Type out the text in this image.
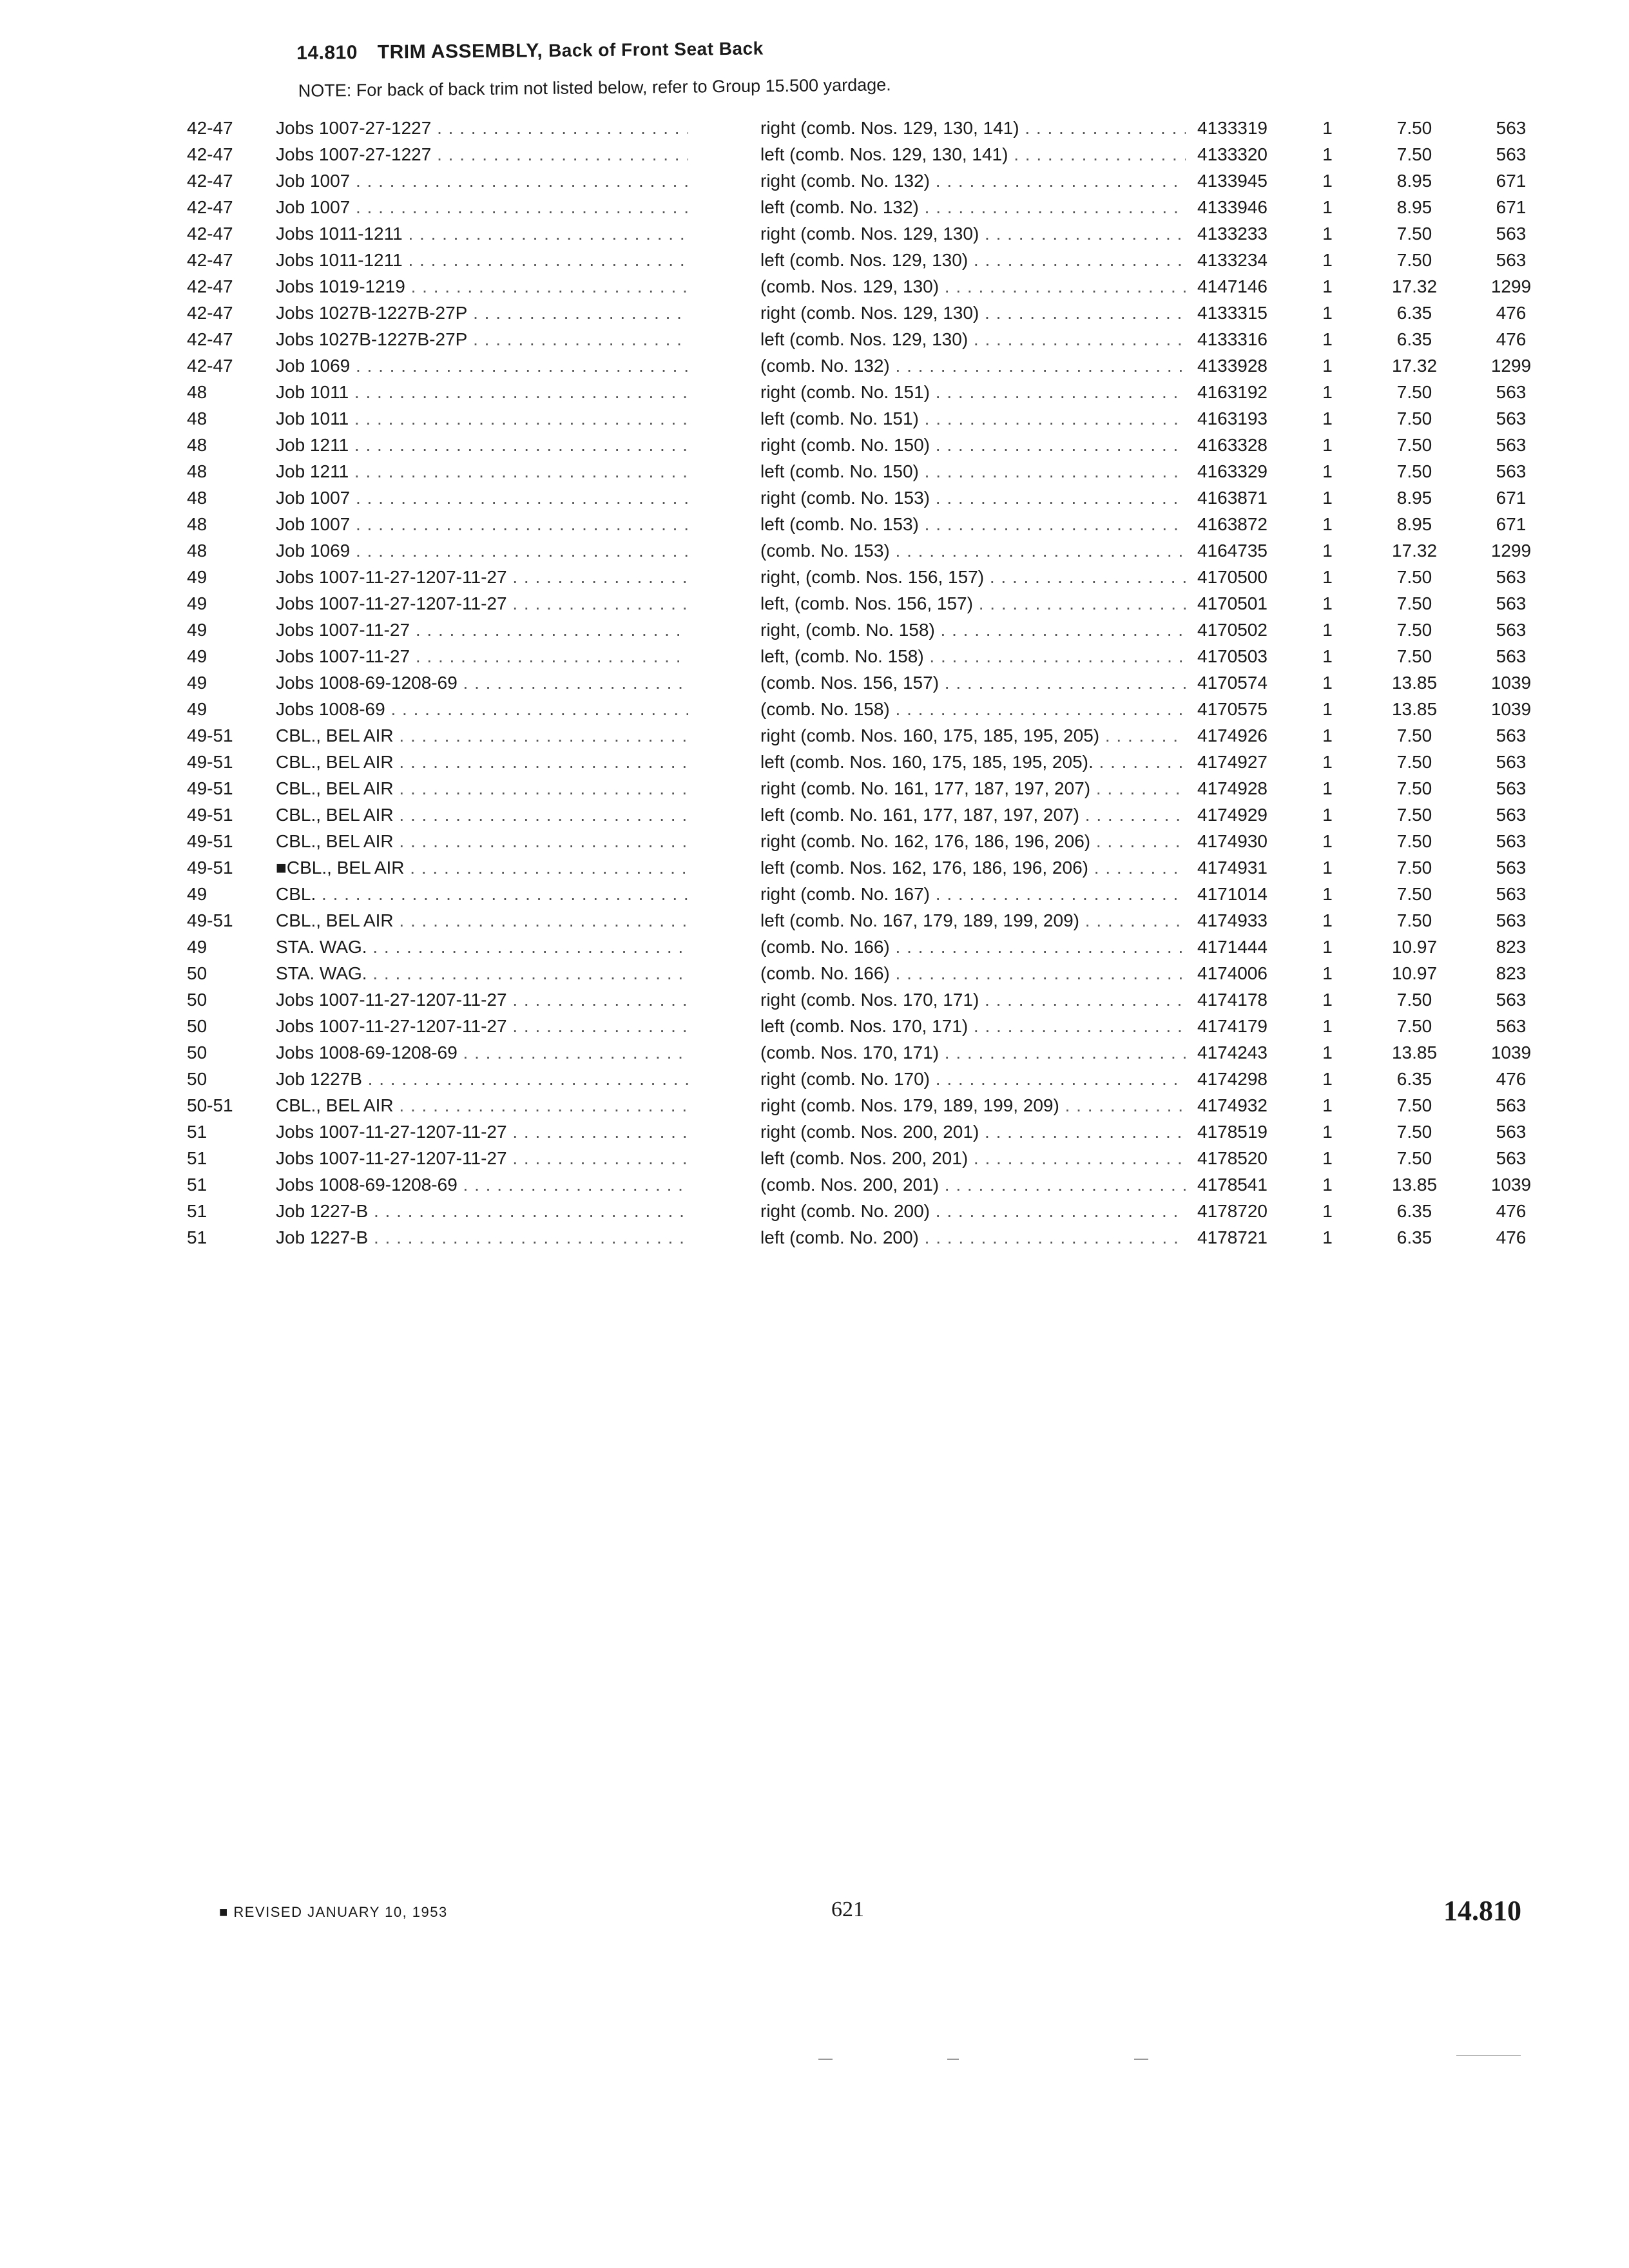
14.810 TRIM ASSEMBLY, Back of Front Seat Back
NOTE: For back of back trim not listed below, refer to Group 15.500 yardage.
42-47	Jobs 1007-27-1227 . . .	right (comb. Nos. 129, 130, 141) . . .	4133319	1	7.50	563
42-47	Jobs 1007-27-1227 . . .	left (comb. Nos. 129, 130, 141) . . .	4133320	1	7.50	563
42-47	Job 1007 . . .	right (comb. No. 132) . . .	4133945	1	8.95	671
42-47	Job 1007 . . .	left (comb. No. 132) . . .	4133946	1	8.95	671
42-47	Jobs 1011-1211 . . .	right (comb. Nos. 129, 130) . . .	4133233	1	7.50	563
42-47	Jobs 1011-1211 . . .	left (comb. Nos. 129, 130) . . .	4133234	1	7.50	563
42-47	Jobs 1019-1219 . . .	(comb. Nos. 129, 130) . . .	4147146	1	17.32	1299
42-47	Jobs 1027B-1227B-27P . . .	right (comb. Nos. 129, 130) . . .	4133315	1	6.35	476
42-47	Jobs 1027B-1227B-27P . . .	left (comb. Nos. 129, 130) . . .	4133316	1	6.35	476
42-47	Job 1069 . . .	(comb. No. 132) . . .	4133928	1	17.32	1299
48	Job 1011 . . .	right (comb. No. 151) . . .	4163192	1	7.50	563
48	Job 1011 . . .	left (comb. No. 151) . . .	4163193	1	7.50	563
48	Job 1211 . . .	right (comb. No. 150) . . .	4163328	1	7.50	563
48	Job 1211 . . .	left (comb. No. 150) . . .	4163329	1	7.50	563
48	Job 1007 . . .	right (comb. No. 153) . . .	4163871	1	8.95	671
48	Job 1007 . . .	left (comb. No. 153) . . .	4163872	1	8.95	671
48	Job 1069 . . .	(comb. No. 153) . . .	4164735	1	17.32	1299
49	Jobs 1007-11-27-1207-11-27 . . .	right, (comb. Nos. 156, 157) . . .	4170500	1	7.50	563
49	Jobs 1007-11-27-1207-11-27 . . .	left, (comb. Nos. 156, 157) . . .	4170501	1	7.50	563
49	Jobs 1007-11-27 . . .	right, (comb. No. 158) . . .	4170502	1	7.50	563
49	Jobs 1007-11-27 . . .	left, (comb. No. 158) . . .	4170503	1	7.50	563
49	Jobs 1008-69-1208-69 . . .	(comb. Nos. 156, 157) . . .	4170574	1	13.85	1039
49	Jobs 1008-69 . . .	(comb. No. 158) . . .	4170575	1	13.85	1039
49-51	CBL., BEL AIR . . .	right (comb. Nos. 160, 175, 185, 195, 205) . . .	4174926	1	7.50	563
49-51	CBL., BEL AIR . . .	left (comb. Nos. 160, 175, 185, 195, 205). . . .	4174927	1	7.50	563
49-51	CBL., BEL AIR . . .	right (comb. No. 161, 177, 187, 197, 207) . . .	4174928	1	7.50	563
49-51	CBL., BEL AIR . . .	left (comb. No. 161, 177, 187, 197, 207) . . .	4174929	1	7.50	563
49-51	CBL., BEL AIR . . .	right (comb. No. 162, 176, 186, 196, 206) . . .	4174930	1	7.50	563
49-51	■CBL., BEL AIR . . .	left (comb. Nos. 162, 176, 186, 196, 206) . . .	4174931	1	7.50	563
49	CBL. . . .	right (comb. No. 167) . . .	4171014	1	7.50	563
49-51	CBL., BEL AIR . . .	left (comb. No. 167, 179, 189, 199, 209) . . .	4174933	1	7.50	563
49	STA. WAG. . . .	(comb. No. 166) . . .	4171444	1	10.97	823
50	STA. WAG. . . .	(comb. No. 166) . . .	4174006	1	10.97	823
50	Jobs 1007-11-27-1207-11-27 . . .	right (comb. Nos. 170, 171) . . .	4174178	1	7.50	563
50	Jobs 1007-11-27-1207-11-27 . . .	left (comb. Nos. 170, 171) . . .	4174179	1	7.50	563
50	Jobs 1008-69-1208-69 . . .	(comb. Nos. 170, 171) . . .	4174243	1	13.85	1039
50	Job 1227B . . .	right (comb. No. 170) . . .	4174298	1	6.35	476
50-51	CBL., BEL AIR . . .	right (comb. Nos. 179, 189, 199, 209) . . .	4174932	1	7.50	563
51	Jobs 1007-11-27-1207-11-27 . . .	right (comb. Nos. 200, 201) . . .	4178519	1	7.50	563
51	Jobs 1007-11-27-1207-11-27 . . .	left (comb. Nos. 200, 201) . . .	4178520	1	7.50	563
51	Jobs 1008-69-1208-69 . . .	(comb. Nos. 200, 201) . . .	4178541	1	13.85	1039
51	Job 1227-B . . .	right (comb. No. 200) . . .	4178720	1	6.35	476
51	Job 1227-B . . .	left (comb. No. 200) . . .	4178721	1	6.35	476
■ REVISED JANUARY 10, 1953	621	14.810
